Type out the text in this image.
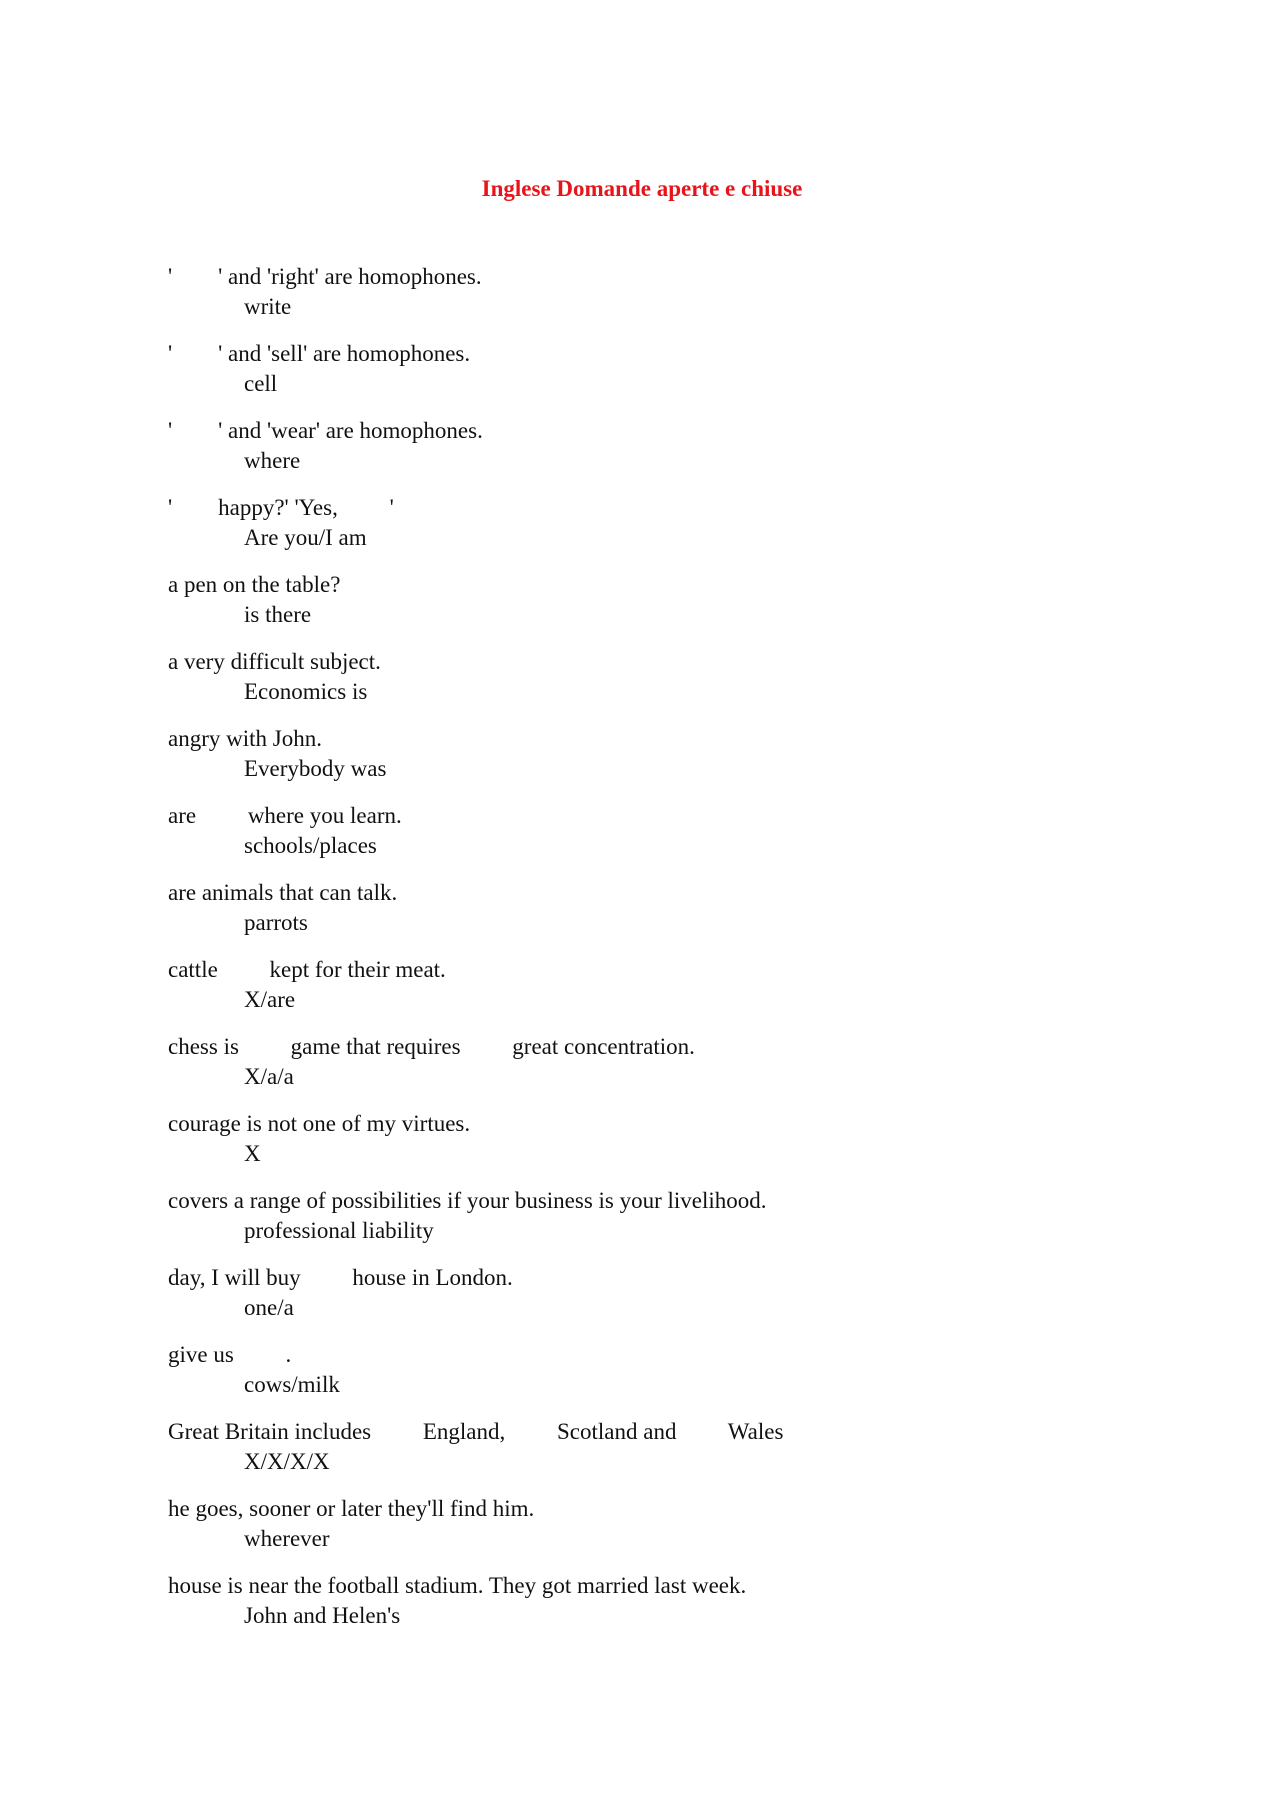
Inglese Domande aperte e chiuse
'        ' and 'right' are homophones.
write
'        ' and 'sell' are homophones.
cell
'        ' and 'wear' are homophones.
where
'        happy?' 'Yes,         '
Are you/I am
a pen on the table?
is there
a very difficult subject.
Economics is
angry with John.
Everybody was
are         where you learn.
schools/places
are animals that can talk.
parrots
cattle         kept for their meat.
X/are
chess is         game that requires         great concentration.
X/a/a
courage is not one of my virtues.
X
covers a range of possibilities if your business is your livelihood.
professional liability
day, I will buy         house in London.
one/a
give us         .
cows/milk
Great Britain includes         England,         Scotland and         Wales
X/X/X/X
he goes, sooner or later they'll find him.
wherever
house is near the football stadium. They got married last week.
John and Helen's
